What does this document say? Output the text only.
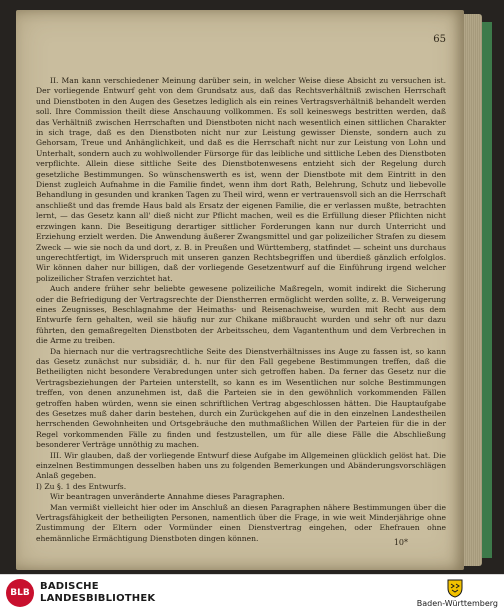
65

II. Man kann verschiedener Meinung darüber sein, in welcher Weise diese Absicht zu versuchen ist. Der vorliegende Entwurf geht von dem Grundsatz aus, daß das Rechtsverhältniß zwischen Herrschaft und Dienstboten in den Augen des Gesetzes lediglich als ein reines Vertragsverhältniß behandelt werden soll. Ihre Commission theilt diese Anschauung vollkommen. Es soll keineswegs bestritten werden, daß das Verhältniß zwischen Herrschaften und Dienstboten nicht nach wesentlich einen sittlichen Charakter in sich trage, daß es den Dienstboten nicht nur zur Leistung gewisser Dienste, sondern auch zu Gehorsam, Treue und Anhänglichkeit, und daß es die Herrschaft nicht nur zur Leistung von Lohn und Unterhalt, sondern auch zu wohlwollender Fürsorge für das leibliche und sittliche Leben des Dienstboten verpflichte. Allein diese sittliche Seite des Dienstbotenwesens entzieht sich der Regelung durch gesetzliche Bestimmungen. So wünschenswerth es ist, wenn der Dienstbote mit dem Eintritt in den Dienst zugleich Aufnahme in die Familie findet, wenn ihm dort Rath, Belehrung, Schutz und liebevolle Behandlung in gesunden und kranken Tagen zu Theil wird, wenn er vertrauensvoll sich an die Herrschaft anschließt und das fremde Haus bald als Ersatz der eigenen Familie, die er verlassen mußte, betrachten lernt, — das Gesetz kann all' dieß nicht zur Pflicht machen, weil es die Erfüllung dieser Pflichten nicht erzwingen kann. Die Beseitigung derartiger sittlicher Forderungen kann nur durch Unterricht und Erziehung erzielt werden. Die Anwendung äußerer Zwangsmittel und gar polizeilicher Strafen zu diesem Zweck — wie sie noch da und dort, z. B. in Preußen und Württemberg, statfindet — scheint uns durchaus ungerechtfertigt, im Widerspruch mit unseren ganzen Rechtsbegriffen und überdieß gänzlich erfolglos. Wir können daher nur billigen, daß der vorliegende Gesetzentwurf auf die Einführung irgend welcher polizeilicher Strafen verzichtet hat.

Auch andere früher sehr beliebte gewesene polizeiliche Maßregeln, womit indirekt die Sicherung oder die Befriedigung der Vertragsrechte der Dienstherren ermöglicht werden sollte, z. B. Verweigerung eines Zeugnisses, Beschlagnahme der Heimaths- und Reisenachweise, wurden mit Recht aus dem Entwurfe fern gehalten, weil sie häufig nur zur Chikane mißbraucht wurden und sehr oft nur dazu führten, den gemaßregelten Dienstboten der Arbeitsscheu, dem Vagantenthum und dem Verbrechen in die Arme zu treiben.

Da hiernach nur die vertragsrechtliche Seite des Dienstverhältnisses ins Auge zu fassen ist, so kann das Gesetz zunächst nur subsidiär, d. h. nur für den Fall gegebene Bestimmungen treffen, daß die Betheiligten nicht besondere Verabredungen unter sich getroffen haben. Da ferner das Gesetz nur die Vertragsbeziehungen der Parteien unterstellt, so kann es im Wesentlichen nur solche Bestimmungen treffen, von denen anzunehmen ist, daß die Parteien sie in den gewöhnlich vorkommenden Fällen getroffen haben würden, wenn sie einen schriftlichen Vertrag abgeschlossen hätten. Die Hauptaufgabe des Gesetzes muß daher darin bestehen, durch ein Zurückgehen auf die in den einzelnen Landestheilen herrschenden Gewohnheiten und Ortsgebräuche den muthmaßlichen Willen der Parteien für die in der Regel vorkommenden Fälle zu finden und festzustellen, um für alle diese Fälle die Abschließung besonderer Verträge unnöthig zu machen.

III. Wir glauben, daß der vorliegende Entwurf diese Aufgabe im Allgemeinen glücklich gelöst hat. Die einzelnen Bestimmungen desselben haben uns zu folgenden Bemerkungen und Abänderungsvorschlägen Anlaß gegeben.

I) Zu §. 1 des Entwurfs.

Wir beantragen unveränderte Annahme dieses Paragraphen.

Man vermißt vielleicht hier oder im Anschluß an diesen Paragraphen nähere Bestimmungen über die Vertragsfähigkeit der betheiligten Personen, namentlich über die Frage, in wie weit Minderjährige ohne Zustimmung der Eltern oder Vormünder einen Dienstvertrag eingehen, oder Ehefrauen ohne ehemännliche Ermächtigung Dienstboten dingen können.	10*
BLB
BADISCHE
LANDESBIBLIOTHEK	Baden-Württemberg
